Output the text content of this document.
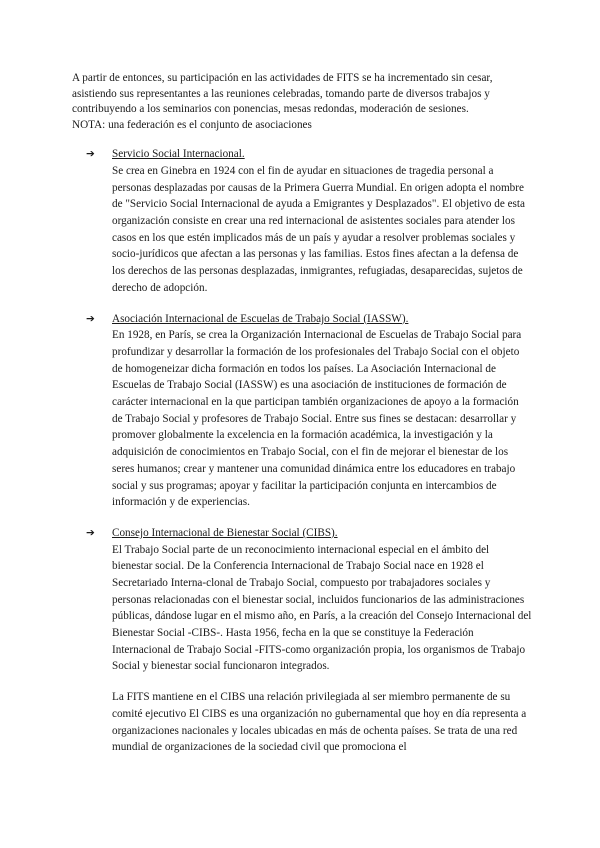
A partir de entonces, su participación en las actividades de FITS se ha incrementado sin cesar, asistiendo sus representantes a las reuniones celebradas, tomando parte de diversos trabajos y contribuyendo a los seminarios con ponencias, mesas redondas, moderación de sesiones.

NOTA: una federación es el conjunto de asociaciones

➔ Servicio Social Internacional.

Se crea en Ginebra en 1924 con el fin de ayudar en situaciones de tragedia personal a personas desplazadas por causas de la Primera Guerra Mundial. En origen adopta el nombre de "Servicio Social Internacional de ayuda a Emigrantes y Desplazados". El objetivo de esta organización consiste en crear una red internacional de asistentes sociales para atender los casos en los que estén implicados más de un país y ayudar a resolver problemas sociales y socio-jurídicos que afectan a las personas y las familias. Estos fines afectan a la defensa de los derechos de las personas desplazadas, inmigrantes, refugiadas, desaparecidas, sujetos de derecho de adopción.

➔ Asociación Internacional de Escuelas de Trabajo Social (IASSW).

En 1928, en París, se crea la Organización Internacional de Escuelas de Trabajo Social para profundizar y desarrollar la formación de los profesionales del Trabajo Social con el objeto de homogeneizar dicha formación en todos los países. La Asociación Internacional de Escuelas de Trabajo Social (IASSW) es una asociación de instituciones de formación de carácter internacional en la que participan también organizaciones de apoyo a la formación de Trabajo Social y profesores de Trabajo Social. Entre sus fines se destacan: desarrollar y promover globalmente la excelencia en la formación académica, la investigación y la adquisición de conocimientos en Trabajo Social, con el fin de mejorar el bienestar de los seres humanos; crear y mantener una comunidad dinámica entre los educadores en trabajo social y sus programas; apoyar y facilitar la participación conjunta en intercambios de información y de experiencias.

➔ Consejo Internacional de Bienestar Social (CIBS).

El Trabajo Social parte de un reconocimiento internacional especial en el ámbito del bienestar social. De la Conferencia Internacional de Trabajo Social nace en 1928 el Secretariado Interna-clonal de Trabajo Social, compuesto por trabajadores sociales y personas relacionadas con el bienestar social, incluidos funcionarios de las administraciones públicas, dándose lugar en el mismo año, en París, a la creación del Consejo Internacional del Bienestar Social -CIBS-. Hasta 1956, fecha en la que se constituye la Federación Internacional de Trabajo Social -FITS-como organización propia, los organismos de Trabajo Social y bienestar social funcionaron integrados.

La FITS mantiene en el CIBS una relación privilegiada al ser miembro permanente de su comité ejecutivo El CIBS es una organización no gubernamental que hoy en día representa a organizaciones nacionales y locales ubicadas en más de ochenta países. Se trata de una red mundial de organizaciones de la sociedad civil que promociona el
